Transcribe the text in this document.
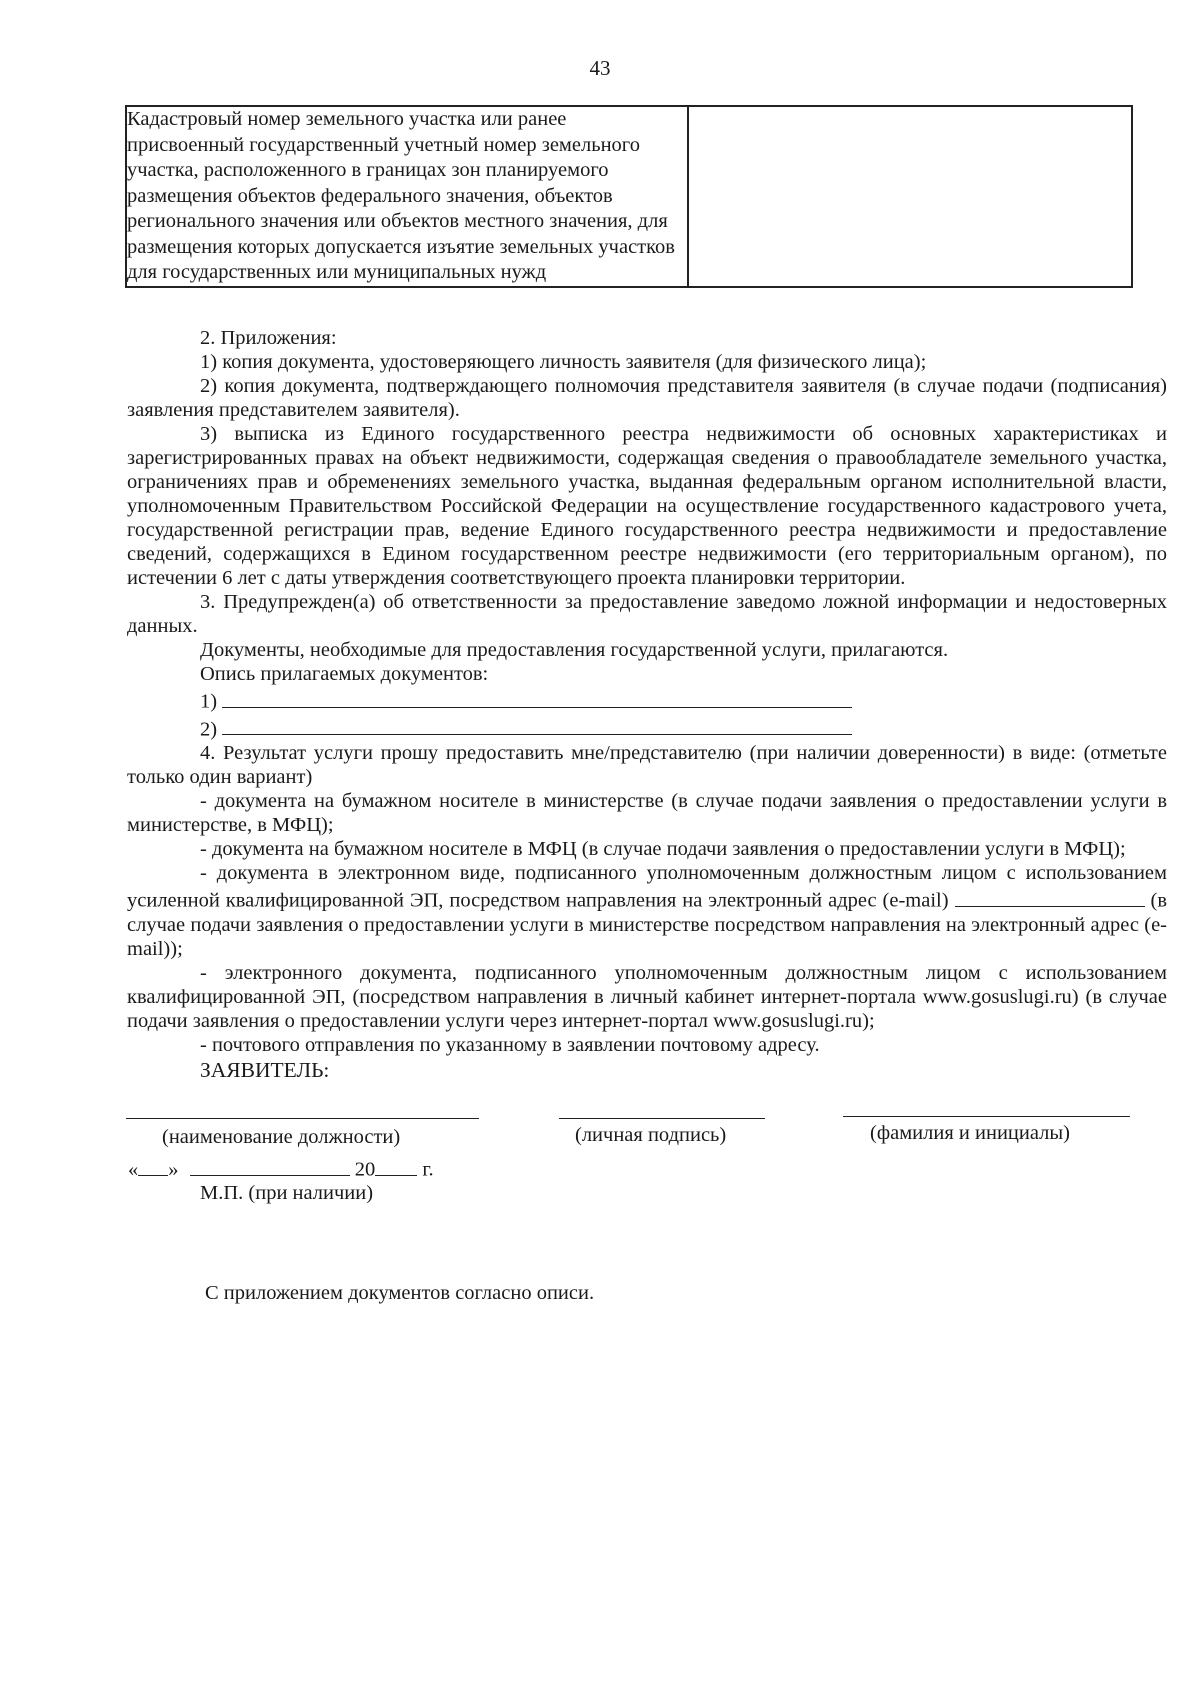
43
Кадастровый номер земельного участка или ранее присвоенный государственный учетный номер земельного участка, расположенного в границах зон планируемого размещения объектов федерального значения, объектов регионального значения или объектов местного значения, для размещения которых допускается изъятие земельных участков для государственных или муниципальных нужд	

2. Приложения:

1) копия документа, удостоверяющего личность заявителя (для физического лица);

2) копия документа, подтверждающего полномочия представителя заявителя (в случае подачи (подписания) заявления представителем заявителя).

3) выписка из Единого государственного реестра недвижимости об основных характеристиках и зарегистрированных правах на объект недвижимости, содержащая сведения о правообладателе земельного участка, ограничениях прав и обременениях земельного участка, выданная федеральным органом исполнительной власти, уполномоченным Правительством Российской Федерации на осуществление государственного кадастрового учета, государственной регистрации прав, ведение Единого государственного реестра недвижимости и предоставление сведений, содержащихся в Едином государственном реестре недвижимости (его территориальным органом), по истечении 6 лет с даты утверждения соответствующего проекта планировки территории.

3. Предупрежден(а) об ответственности за предоставление заведомо ложной информации и недостоверных данных.

Документы, необходимые для предоставления государственной услуги, прилагаются.

Опись прилагаемых документов:

1)

2)

4. Результат услуги прошу предоставить мне/представителю (при наличии доверенности) в виде: (отметьте только один вариант)

- документа на бумажном носителе в министерстве (в случае подачи заявления о предоставлении услуги в министерстве, в МФЦ);

- документа на бумажном носителе в МФЦ (в случае подачи заявления о предоставлении услуги в МФЦ);

- документа в электронном виде, подписанного уполномоченным должностным лицом с использованием усиленной квалифицированной ЭП, посредством направления на электронный адрес (e-mail)	(в случае подачи заявления о предоставлении услуги в министерстве посредством направления на электронный адрес (e-mail));

- электронного документа, подписанного уполномоченным должностным лицом с использованием квалифицированной ЭП, (посредством направления в личный кабинет интернет-портала www.gosuslugi.ru) (в случае подачи заявления о предоставлении услуги через интернет-портал www.gosuslugi.ru);

- почтового отправления по указанному в заявлении почтовому адресу.

ЗАЯВИТЕЛЬ:

(наименование должности)	(личная подпись)	(фамилия и инициалы)
« »	20 г.
М.П. (при наличии)
С приложением документов согласно описи.
